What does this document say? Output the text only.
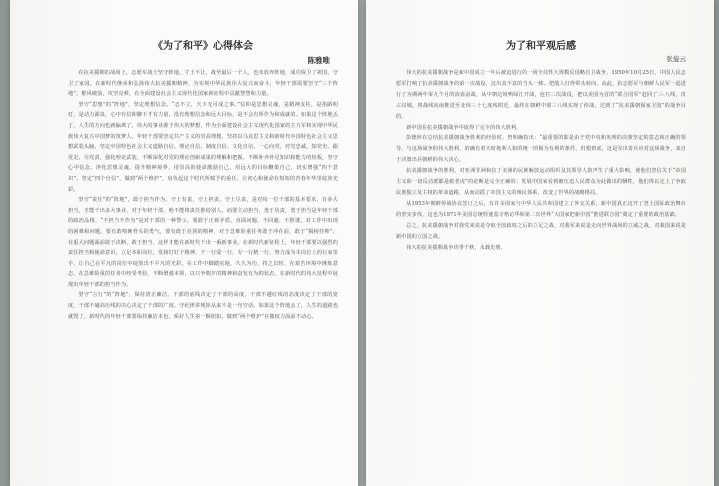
《为了和平》心得体会
陈雅唯

在抗美援朝的战场上，志愿军战士坚守阵地、寸土不让，战至最后一个人，也未放弃阵地，成功保卫了祖国、守卫了家园。在新时代继承和弘扬伟大抗美援朝精神，为实现中华民族伟大复兴而奋斗，年轻干部需要坚守“三个阵地”，维风破浪，攻坚克难，在全面建设社会主义现代化国家新征程中贡献智慧和力量。

坚守“思想”的“阵地”，坚定理想信念。“志不立，天下无可成之事。”信仰是思想灵魂，是精神支柱，是指路明灯，是动力源泉，心中有信仰脚下才有力量。没有理想信念和远大目标，是不会有所作为和成就的。如果这个阵地丢了，人生的方向也就偏离了。伟大的事业源于伟大的梦想，作为全面建设社会主义现代化国家的主力军和实现中华民族伟大复兴中国梦的筑梦人，年轻干部要坚定共产主义的崇高理想，坚持以马克思主义和新时代中国特色社会主义思想武装头脑，坚定中国特色社会主义道路自信、理论自信、制度自信、文化自信，一心向党，对党忠诚、知党史、跟党走、尽党责。强化理论武装，不断深化对党的理论创新成果的理解和把握，不断补齐补足知识和能力的短板，坚守心中信念，净化思想灵魂，提升精神境界，用崇高的使命激励自己，用远大的目标鞭策自己，切实增强“四个意识”、坚定“四个自信”、做到“两个维护”，肩负起这个时代所赋予的重任，让初心和使命在短短的青春年华里绽放光彩。

坚守“责任”的“阵地”，敢于担当作为。守土有责，守土担责，守土尽责，是对每一位干部的基本要求，有多大担当，才能干出多大事业，对于年轻干部，绝不能将责任推给别人，而要主动担当，勇于负责，勇于担当是年轻干部的政治品格。“不担当不作为”是对干部的一种警示，要敢于正视矛盾、直面问题，不回避、不推诿，对工作中出现的困难和问题，要有敢啃硬骨头的勇气，要有敢于亮剑的精神，对于急难险重任务敢于冲在前，敢于“揭榜挂帅”，在重大问题面前敢于决断，敢于担当，这样才能在新时代干出一番新事业。在新时代新征程上，年轻干部要以强烈的责任担当和使命意识，立足本职岗位，发扬钉钉子精神，干一行爱一行，专一行精一行，努力成为本岗位上的行家里手，让自己在平凡的岗位中绽放出不平凡的光彩。在工作中脚踏实地，久久为功，持之以恒，在艰苦环境中锤炼意志，在急难险重的任务中经受考验，不断增强本领，以只争朝夕的精神和奋发有为的状态，在新时代的伟大征程中展现出年轻干部的担当作为。

坚守“言行”的“阵地”，保持清正廉洁。干部的底线决定了干部的高度，干部不越红线的态度决定了干部的宽度，干部不碰高压线的决心决定了干部的广度。守纪律讲规矩从来不是一句空话，如果这个阵地丢了，人生的道路也就毁了，新时代的年轻干部要保持廉洁本色，系好人生第一颗纽扣，做到“两个维护”在微权力面前不动心。

为了和平观后感
张旋云

伟大的抗美援朝战争是新中国成立一年后被迫进行的一场全局性大规模反侵略自卫战争。1950年10月25日，中国人民志愿军打响了抗美援朝战争的第一次战役，这出其不意的当头一棒，把敌人打得晕头转向，从此，抗志愿军与朝鲜人民军一起进行了为期两年零九个月的浴血奋战，从中朝边境鸭绿江开战，连打三次战役，把以美国为首的“联合国军”赶回了三·八线，攻占汉城，将战线向南推进至北纬三十七度线附近，最终在朝鲜中部三八线实现了停战，达到了“抗美援朝保家卫国”的战争目的。

新中国在抗美援朝战争中取得了完全的伟大胜利。

彭德怀在总结抗美援朝战争胜利的经验时，曾明确指出：“最重要的即是由于党中央和英明的决策坚定的意志和正确的领导，与这场战争的伟大胜利，的确有着天时地利人和的统一的极为有利的条件，归根到底，这是军出奇兵应对这场战争，来自于决策出兵朝鲜的伟大决心。

抗美援朝战争的胜利，对亚洲非洲和拉丁美洲的民族解放运动组织及其领导人鼓声生了重大影响，使他们坚信关于“帝国主义和一切反动派都是纸老虎”的论断是完全正确的；发展中国家看到被压迫人民群众为此做出的牺牲，他们得以走上了争取民族独立及主权的革命道路，从而动摇了帝国主义的殖民体系，改变了世界的战略格局。

从1953年朝鲜停战协议签订之后，有许多国家与中华人民共和国建立了外交关系，新中国真正迈开了登上国际政治舞台的坚实步伐，这也为1971年美国总统特使基辛格访华和第二次世界“大国家把新中国“推进联合国”奠定了重要的政治基础。

总之，抗美援朝战争对我党来说是夺取全国政权之后的立足之战，对我军来说是走向世界战场的立威之战，对我国来说是新中国的立国之战。

伟大的抗美援朝战争功垂千秋，永载史册。
